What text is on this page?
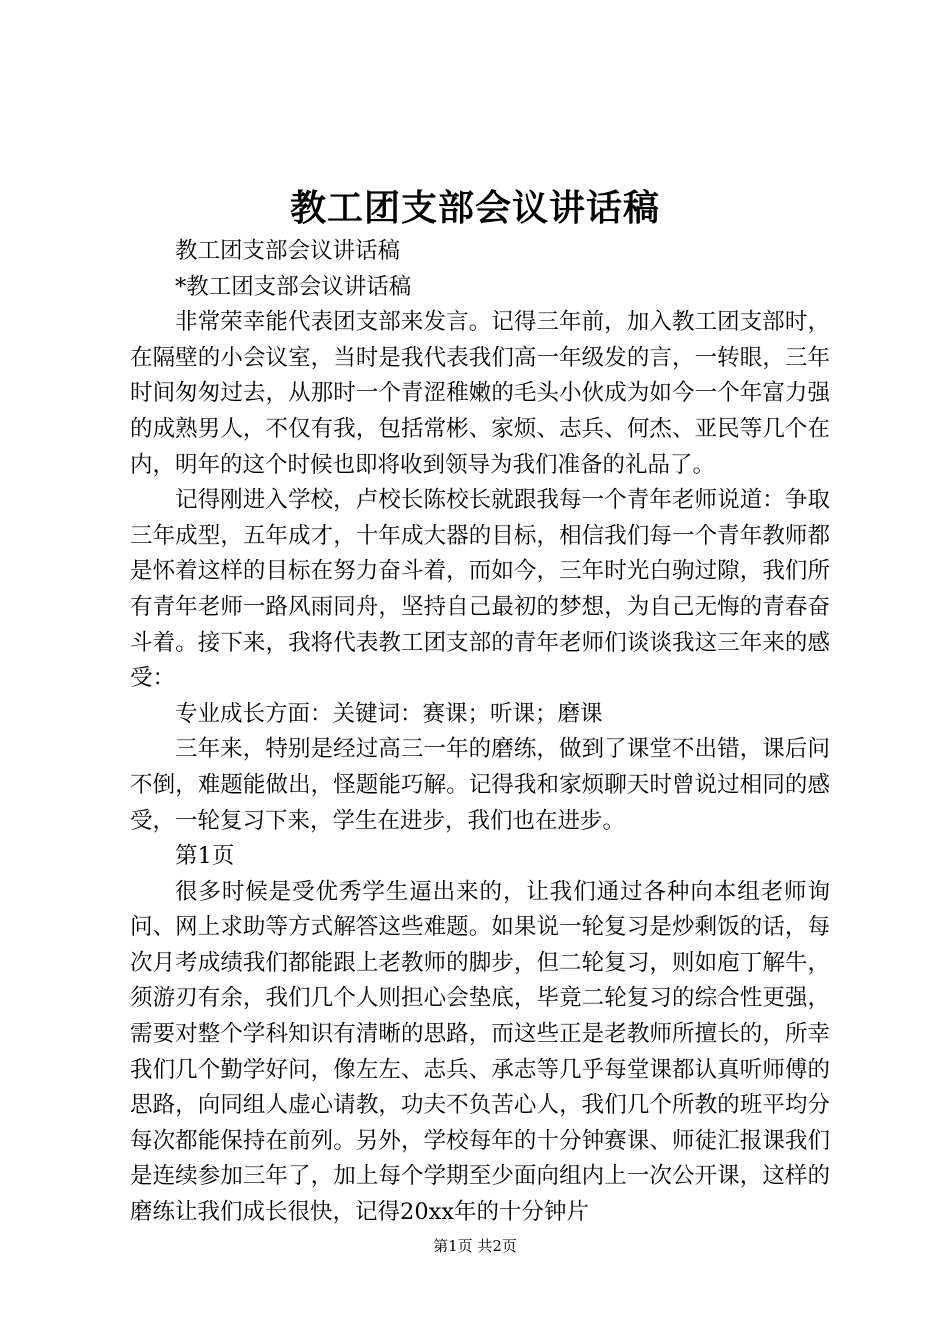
教工团支部会议讲话稿

教工团支部会议讲话稿

*教工团支部会议讲话稿

非常荣幸能代表团支部来发言。记得三年前，加入教工团支部时，在隔壁的小会议室，当时是我代表我们高一年级发的言，一转眼，三年时间匆匆过去，从那时一个青涩稚嫩的毛头小伙成为如今一个年富力强的成熟男人，不仅有我，包括常彬、家烦、志兵、何杰、亚民等几个在内，明年的这个时候也即将收到领导为我们准备的礼品了。

记得刚进入学校，卢校长陈校长就跟我每一个青年老师说道：争取三年成型，五年成才，十年成大器的目标，相信我们每一个青年教师都是怀着这样的目标在努力奋斗着，而如今，三年时光白驹过隙，我们所有青年老师一路风雨同舟，坚持自己最初的梦想，为自己无悔的青春奋斗着。接下来，我将代表教工团支部的青年老师们谈谈我这三年来的感受：

专业成长方面：关键词：赛课；听课；磨课

三年来，特别是经过高三一年的磨练，做到了课堂不出错，课后问不倒，难题能做出，怪题能巧解。记得我和家烦聊天时曾说过相同的感受，一轮复习下来，学生在进步，我们也在进步。

第1页

很多时候是受优秀学生逼出来的，让我们通过各种向本组老师询问、网上求助等方式解答这些难题。如果说一轮复习是炒剩饭的话，每次月考成绩我们都能跟上老教师的脚步，但二轮复习，则如庖丁解牛，须游刃有余，我们几个人则担心会垫底，毕竟二轮复习的综合性更强，需要对整个学科知识有清晰的思路，而这些正是老教师所擅长的，所幸我们几个勤学好问，像左左、志兵、承志等几乎每堂课都认真听师傅的思路，向同组人虚心请教，功夫不负苦心人，我们几个所教的班平均分每次都能保持在前列。另外，学校每年的十分钟赛课、师徒汇报课我们是连续参加三年了，加上每个学期至少面向组内上一次公开课，这样的磨练让我们成长很快，记得20xx年的十分钟片

第1页 共2页
